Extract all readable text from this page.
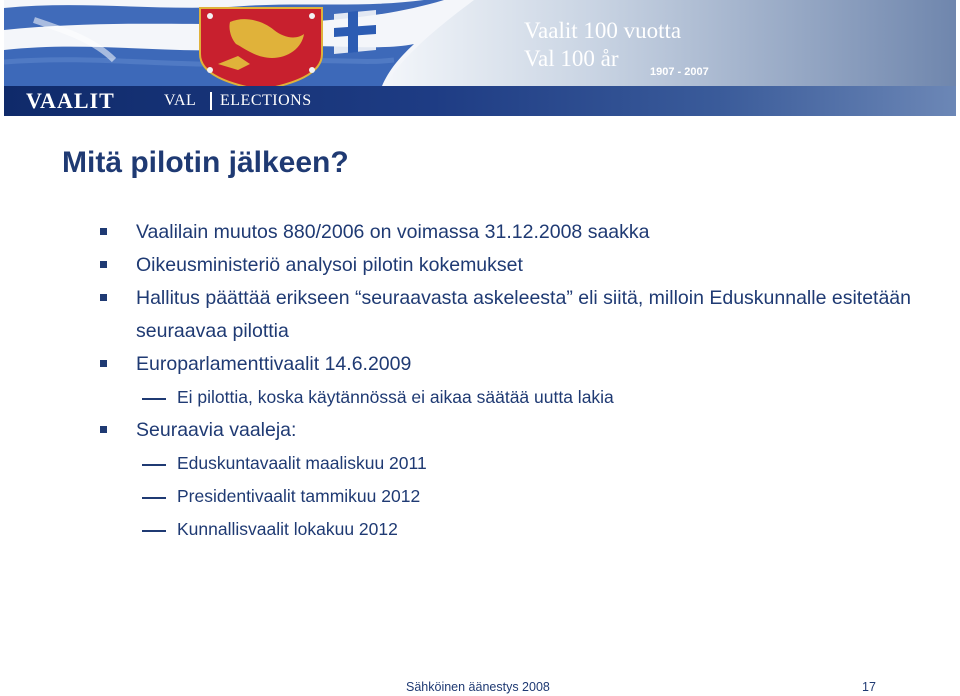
VAALIT	VAL ELECTIONS
Vaalit 100 vuotta
Val 100 år
1907 - 2007
Mitä pilotin jälkeen?
Vaalilain muutos 880/2006 on voimassa 31.12.2008 saakka
Oikeusministeriö analysoi pilotin kokemukset
Hallitus päättää erikseen “seuraavasta askeleesta” eli siitä, milloin Eduskunnalle esitetään seuraavaa pilottia
Europarlamenttivaalit 14.6.2009
Ei pilottia, koska käytännössä ei aikaa säätää uutta lakia
Seuraavia vaaleja:
Eduskuntavaalit maaliskuu 2011
Presidentivaalit tammikuu 2012
Kunnallisvaalit lokakuu 2012
Sähköinen äänestys 2008	17
